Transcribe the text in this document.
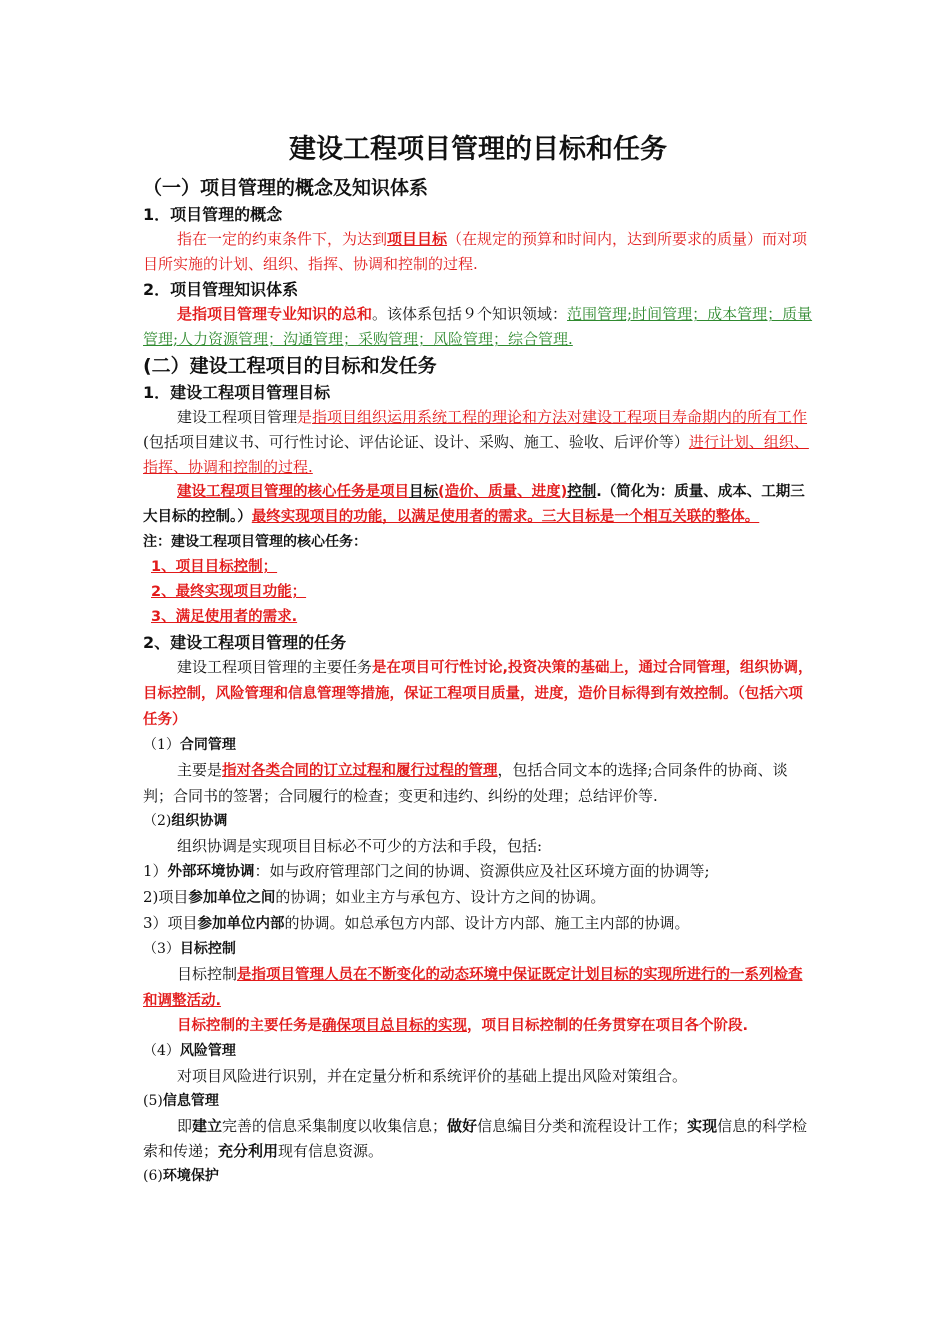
建设工程项目管理的目标和任务
（一）项目管理的概念及知识体系
1．项目管理的概念

指在一定的约束条件下，为达到项目目标（在规定的预算和时间内，达到所要求的质量）而对项目所实施的计划、组织、指挥、协调和控制的过程.

2．项目管理知识体系

是指项目管理专业知识的总和。该体系包括９个知识领域：范围管理;时间管理；成本管理；质量管理;人力资源管理；沟通管理；采购管理；风险管理；综合管理.

(二）建设工程项目的目标和发任务
1．建设工程项目管理目标

建设工程项目管理是指项目组织运用系统工程的理论和方法对建设工程项目寿命期内的所有工作(包括项目建议书、可行性讨论、评估论证、设计、采购、施工、验收、后评价等）进行计划、组织、指挥、协调和控制的过程.

建设工程项目管理的核心任务是项目目标(造价、质量、进度)控制.（简化为：质量、成本、工期三大目标的控制。）最终实现项目的功能，以满足使用者的需求。三大目标是一个相互关联的整体。

注：建设工程项目管理的核心任务：

1、项目目标控制；

2、最终实现项目功能；

3、满足使用者的需求.

2、建设工程项目管理的任务

建设工程项目管理的主要任务是在项目可行性讨论,投资决策的基础上，通过合同管理，组织协调，目标控制，风险管理和信息管理等措施，保证工程项目质量，进度，造价目标得到有效控制。（包括六项任务）

（1）合同管理

主要是指对各类合同的订立过程和履行过程的管理，包括合同文本的选择;合同条件的协商、谈判；合同书的签署；合同履行的检查；变更和违约、纠纷的处理；总结评价等.

（2)组织协调

组织协调是实现项目目标必不可少的方法和手段，包括:

1）外部环境协调：如与政府管理部门之间的协调、资源供应及社区环境方面的协调等;

2)项目参加单位之间的协调；如业主方与承包方、设计方之间的协调。

3）项目参加单位内部的协调。如总承包方内部、设计方内部、施工主内部的协调。

（3）目标控制

目标控制是指项目管理人员在不断变化的动态环境中保证既定计划目标的实现所进行的一系列检查和调整活动.

目标控制的主要任务是确保项目总目标的实现，项目目标控制的任务贯穿在项目各个阶段.

（4）风险管理

对项目风险进行识别，并在定量分析和系统评价的基础上提出风险对策组合。

(5)信息管理

即建立完善的信息采集制度以收集信息；做好信息编目分类和流程设计工作；实现信息的科学检索和传递；充分利用现有信息资源。

(6)环境保护
